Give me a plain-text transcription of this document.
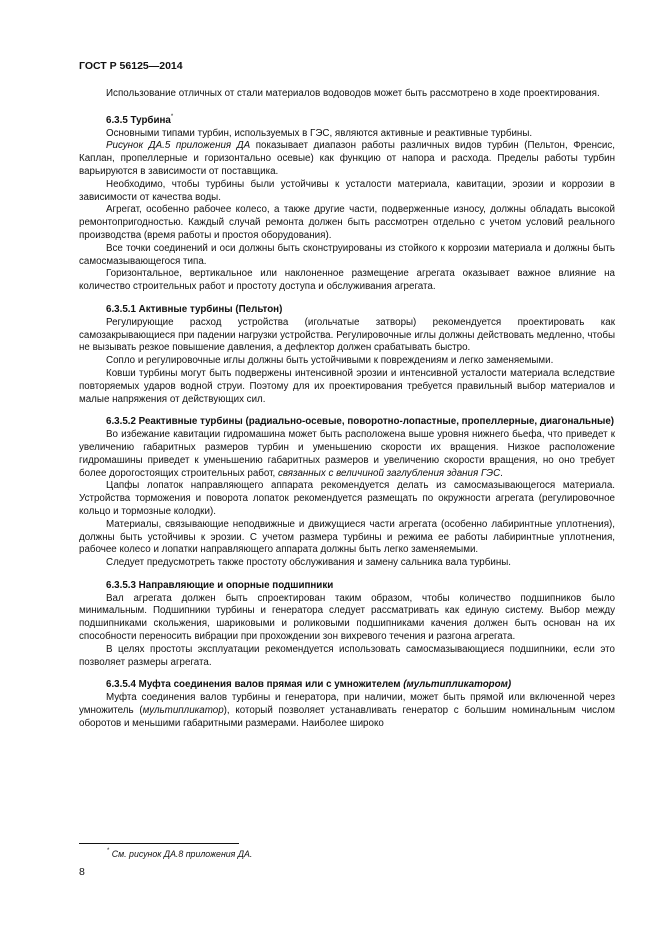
ГОСТ Р 56125—2014

Использование отличных от стали материалов водоводов может быть рассмотрено в ходе проектирования.

6.3.5 Турбина*

Основными типами турбин, используемых в ГЭС, являются активные и реактивные турбины.

Рисунок ДА.5 приложения ДА показывает диапазон работы различных видов турбин (Пельтон, Френсис, Каплан, пропеллерные и горизонтально осевые) как функцию от напора и расхода. Пределы работы турбин варьируются в зависимости от поставщика.

Необходимо, чтобы турбины были устойчивы к усталости материала, кавитации, эрозии и коррозии в зависимости от качества воды.

Агрегат, особенно рабочее колесо, а также другие части, подверженные износу, должны обладать высокой ремонтопригодностью. Каждый случай ремонта должен быть рассмотрен отдельно с учетом условий реального производства (время работы и простоя оборудования).

Все точки соединений и оси должны быть сконструированы из стойкого к коррозии материала и должны быть самосмазывающегося типа.

Горизонтальное, вертикальное или наклоненное размещение агрегата оказывает важное влияние на количество строительных работ и простоту доступа и обслуживания агрегата.

6.3.5.1 Активные турбины (Пельтон)

Регулирующие расход устройства (игольчатые затворы) рекомендуется проектировать как самозакрывающиеся при падении нагрузки устройства. Регулировочные иглы должны действовать медленно, чтобы не вызывать резкое повышение давления, а дефлектор должен срабатывать быстро.

Сопло и регулировочные иглы должны быть устойчивыми к повреждениям и легко заменяемыми.

Ковши турбины могут быть подвержены интенсивной эрозии и интенсивной усталости материала вследствие повторяемых ударов водной струи. Поэтому для их проектирования требуется правильный выбор материалов и малые напряжения от действующих сил.

6.3.5.2 Реактивные турбины (радиально-осевые, поворотно-лопастные, пропеллерные, диагональные)

Во избежание кавитации гидромашина может быть расположена выше уровня нижнего бьефа, что приведет к увеличению габаритных размеров турбин и уменьшению скорости их вращения. Низкое расположение гидромашины приведет к уменьшению габаритных размеров и увеличению скорости вращения, но оно требует более дорогостоящих строительных работ, связанных с величиной заглубления здания ГЭС.

Цапфы лопаток направляющего аппарата рекомендуется делать из самосмазывающегося материала. Устройства торможения и поворота лопаток рекомендуется размещать по окружности агрегата (регулировочное кольцо и тормозные колодки).

Материалы, связывающие неподвижные и движущиеся части агрегата (особенно лабиринтные уплотнения), должны быть устойчивы к эрозии. С учетом размера турбины и режима ее работы лабиринтные уплотнения, рабочее колесо и лопатки направляющего аппарата должны быть легко заменяемыми.

Следует предусмотреть также простоту обслуживания и замену сальника вала турбины.

6.3.5.3 Направляющие и опорные подшипники

Вал агрегата должен быть спроектирован таким образом, чтобы количество подшипников было минимальным. Подшипники турбины и генератора следует рассматривать как единую систему. Выбор между подшипниками скольжения, шариковыми и роликовыми подшипниками качения должен быть основан на их способности переносить вибрации при прохождении зон вихревого течения и разгона агрегата.

В целях простоты эксплуатации рекомендуется использовать самосмазывающиеся подшипники, если это позволяет размеры агрегата.

6.3.5.4 Муфта соединения валов прямая или с умножителем (мультипликатором)

Муфта соединения валов турбины и генератора, при наличии, может быть прямой или включенной через умножитель (мультипликатор), который позволяет устанавливать генератор с большим номинальным числом оборотов и меньшими габаритными размерами. Наиболее широко

* См. рисунок ДА.8 приложения ДА.
8
